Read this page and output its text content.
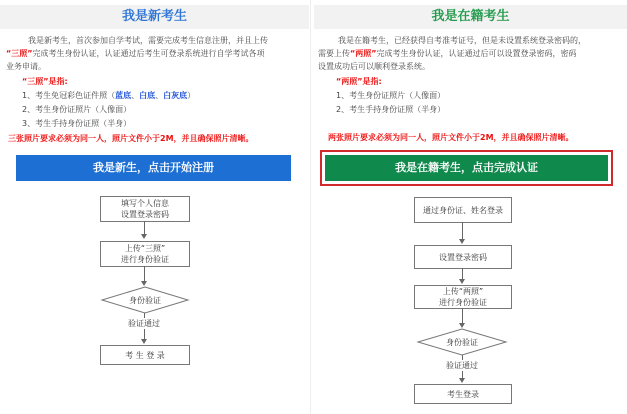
我是新考生
我是新考生，首次参加自学考试，需要完成考生信息注册，并且上传
“三照”完成考生身份认证，认证通过后考生可登录系统进行自学考试各项
业务申请。
“三照”是指:
1、考生免冠彩色证件照（蓝底、白底、白灰底）
2、考生身份证照片（人像面）
3、考生手持身份证照（半身）
三张照片要求必须为同一人，照片文件小于2M，并且确保照片清晰。
我是新生，点击开始注册
填写个人信息
设置登录密码
上传“三照”
进行身份验证
身份验证
验证通过
考 生 登 录
我是在籍考生
我是在籍考生，已经获得自考准考证号，但是未设置系统登录密码的，
需要上传“两照”完成考生身份认证，认证通过后可以设置登录密码，密码
设置成功后可以顺利登录系统。
“两照”是指:
1、考生身份证照片（人像面）
2、考生手持身份证照（半身）
两张照片要求必须为同一人，照片文件小于2M，并且确保照片清晰。
我是在籍考生，点击完成认证
通过身份证、姓名登录
设置登录密码
上传“两照”
进行身份验证
身份验证
验证通过
考生登录
